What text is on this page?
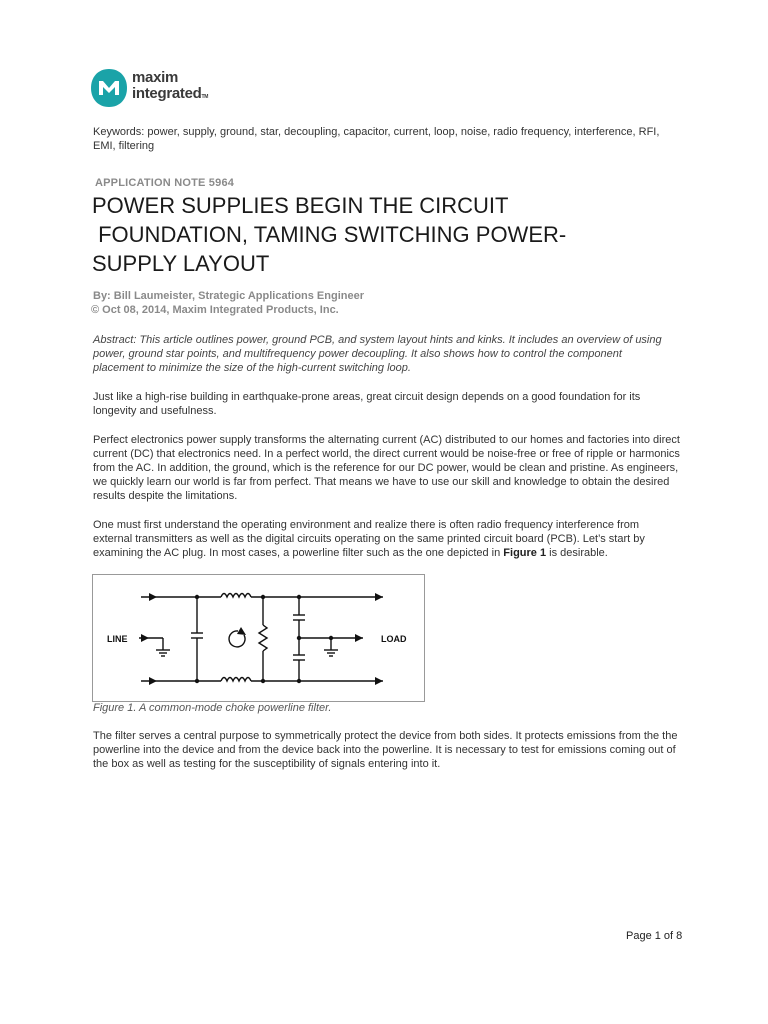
maxim
integratedTM

Keywords: power, supply, ground, star, decoupling, capacitor, current, loop, noise, radio frequency, interference, RFI, EMI, filtering

APPLICATION NOTE 5964
POWER SUPPLIES BEGIN THE CIRCUIT
FOUNDATION, TAMING SWITCHING POWER-
SUPPLY LAYOUT
By: Bill Laumeister, Strategic Applications Engineer
© Oct 08, 2014, Maxim Integrated Products, Inc.

Abstract: This article outlines power, ground PCB, and system layout hints and kinks. It includes an overview of using power, ground star points, and multifrequency power decoupling. It also shows how to control the component placement to minimize the size of the high-current switching loop.

Just like a high-rise building in earthquake-prone areas, great circuit design depends on a good foundation for its longevity and usefulness.

Perfect electronics power supply transforms the alternating current (AC) distributed to our homes and factories into direct current (DC) that electronics need. In a perfect world, the direct current would be noise-free or free of ripple or harmonics from the AC. In addition, the ground, which is the reference for our DC power, would be clean and pristine. As engineers, we quickly learn our world is far from perfect. That means we have to use our skill and knowledge to obtain the desired results despite the limitations.

One must first understand the operating environment and realize there is often radio frequency interference from external transmitters as well as the digital circuits operating on the same printed circuit board (PCB). Let’s start by examining the AC plug. In most cases, a powerline filter such as the one depicted in Figure 1 is desirable.

LINE	LOAD

Figure 1. A common-mode choke powerline filter.

The filter serves a central purpose to symmetrically protect the device from both sides. It protects emissions from the the powerline into the device and from the device back into the powerline. It is necessary to test for emissions coming out of the box as well as testing for the susceptibility of signals entering into it.

Page 1 of 8
